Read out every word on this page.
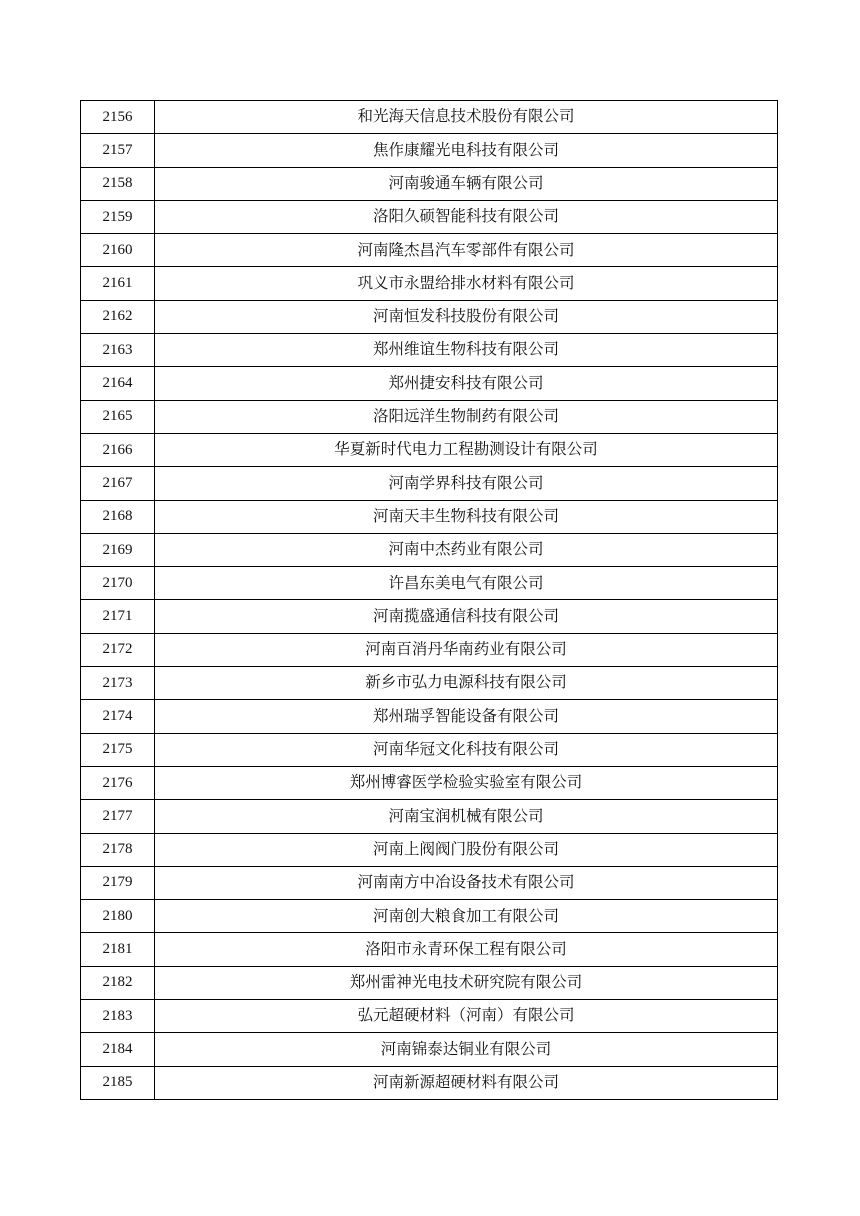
2156	和光海天信息技术股份有限公司
2157	焦作康耀光电科技有限公司
2158	河南骏通车辆有限公司
2159	洛阳久硕智能科技有限公司
2160	河南隆杰昌汽车零部件有限公司
2161	巩义市永盟给排水材料有限公司
2162	河南恒发科技股份有限公司
2163	郑州维谊生物科技有限公司
2164	郑州捷安科技有限公司
2165	洛阳远洋生物制药有限公司
2166	华夏新时代电力工程勘测设计有限公司
2167	河南学界科技有限公司
2168	河南天丰生物科技有限公司
2169	河南中杰药业有限公司
2170	许昌东美电气有限公司
2171	河南揽盛通信科技有限公司
2172	河南百消丹华南药业有限公司
2173	新乡市弘力电源科技有限公司
2174	郑州瑞孚智能设备有限公司
2175	河南华冠文化科技有限公司
2176	郑州博睿医学检验实验室有限公司
2177	河南宝润机械有限公司
2178	河南上阀阀门股份有限公司
2179	河南南方中冶设备技术有限公司
2180	河南创大粮食加工有限公司
2181	洛阳市永青环保工程有限公司
2182	郑州雷神光电技术研究院有限公司
2183	弘元超硬材料（河南）有限公司
2184	河南锦泰达铜业有限公司
2185	河南新源超硬材料有限公司
